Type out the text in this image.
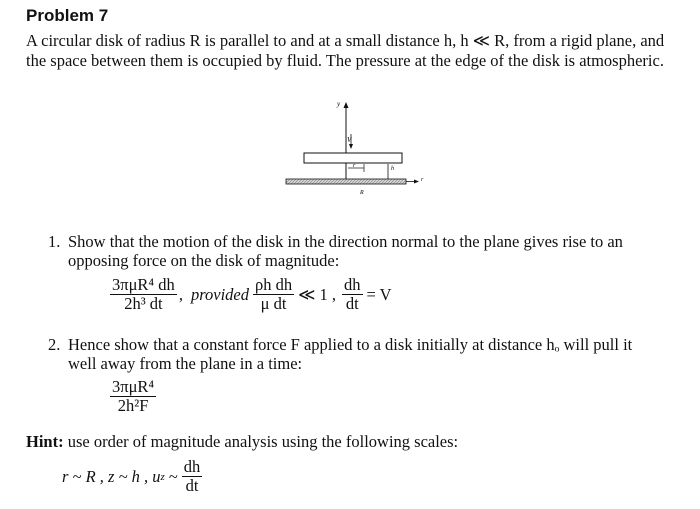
Problem 7
A circular disk of radius R is parallel to and at a small distance h, h ≪ R, from a rigid plane, and
the space between them is occupied by fluid. The pressure at the edge of the disk is atmospheric.
y
V
r	h
r
R
1. Show that the motion of the disk in the direction normal to the plane gives rise to an
opposing force on the disk of magnitude:
$\frac{\text{3πμR⁴ dh}}{\text{2h³ dt}}$ , provided $\frac{\text{ρh dh}}{\text{μ dt}}$ ≪ 1 , $\frac{dh}{dt} = V$
2. Hence show that a constant force F applied to a disk initially at distance hₒ will pull it
well away from the plane in a time:
$\frac{\text{3πμR⁴}}{\text{2h²F}}$
Hint: use order of magnitude analysis using the following scales:
r ~ R , z ~ h , u z ~ $\frac{dh}{dt}$
